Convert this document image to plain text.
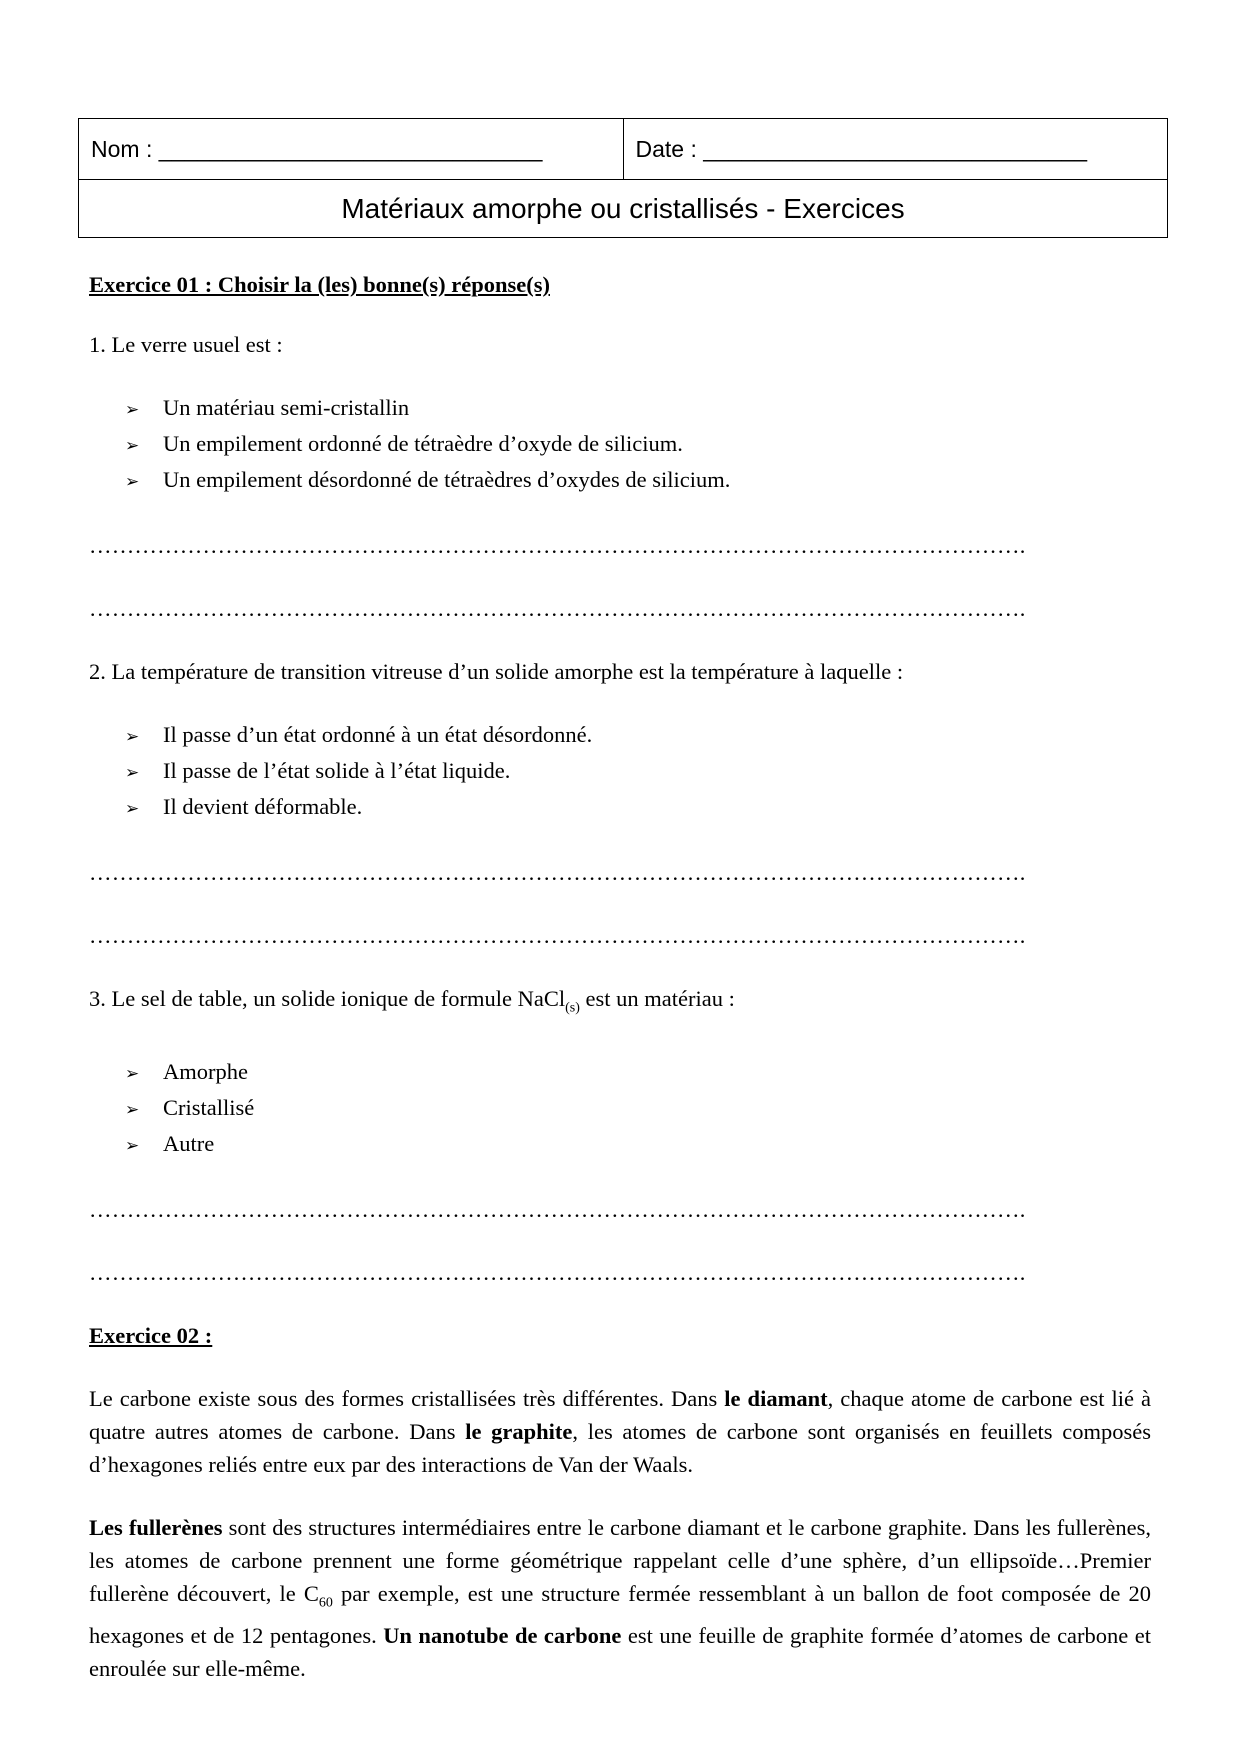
Nom : ______________________________	Date : ______________________________
Matériaux amorphe ou cristallisés - Exercices

Exercice 01 : Choisir la (les) bonne(s) réponse(s)

1. Le verre usuel est :

➢	Un matériau semi-cristallin
➢	Un empilement ordonné de tétraèdre d’oxyde de silicium.
➢	Un empilement désordonné de tétraèdres d’oxydes de silicium.

…………………………………………………………………………………………………………….

…………………………………………………………………………………………………………….

2. La température de transition vitreuse d’un solide amorphe est la température à laquelle :

➢	Il passe d’un état ordonné à un état désordonné.
➢	Il passe de l’état solide à l’état liquide.
➢	Il devient déformable.

…………………………………………………………………………………………………………….

…………………………………………………………………………………………………………….

3. Le sel de table, un solide ionique de formule NaCl$_{(s)}$ est un matériau :

➢	Amorphe
➢	Cristallisé
➢	Autre

…………………………………………………………………………………………………………….

…………………………………………………………………………………………………………….

Exercice 02 :

Le carbone existe sous des formes cristallisées très différentes. Dans le diamant, chaque atome de carbone est lié à quatre autres atomes de carbone. Dans le graphite, les atomes de carbone sont organisés en feuillets composés d’hexagones reliés entre eux par des interactions de Van der Waals.

Les fullerènes sont des structures intermédiaires entre le carbone diamant et le carbone graphite. Dans les fullerènes, les atomes de carbone prennent une forme géométrique rappelant celle d’une sphère, d’un ellipsoïde…Premier fullerène découvert, le $C_{60}$ par exemple, est une structure fermée ressemblant à un ballon de foot composée de 20 hexagones et de 12 pentagones. Un nanotube de carbone est une feuille de graphite formée d’atomes de carbone et enroulée sur elle-même.
